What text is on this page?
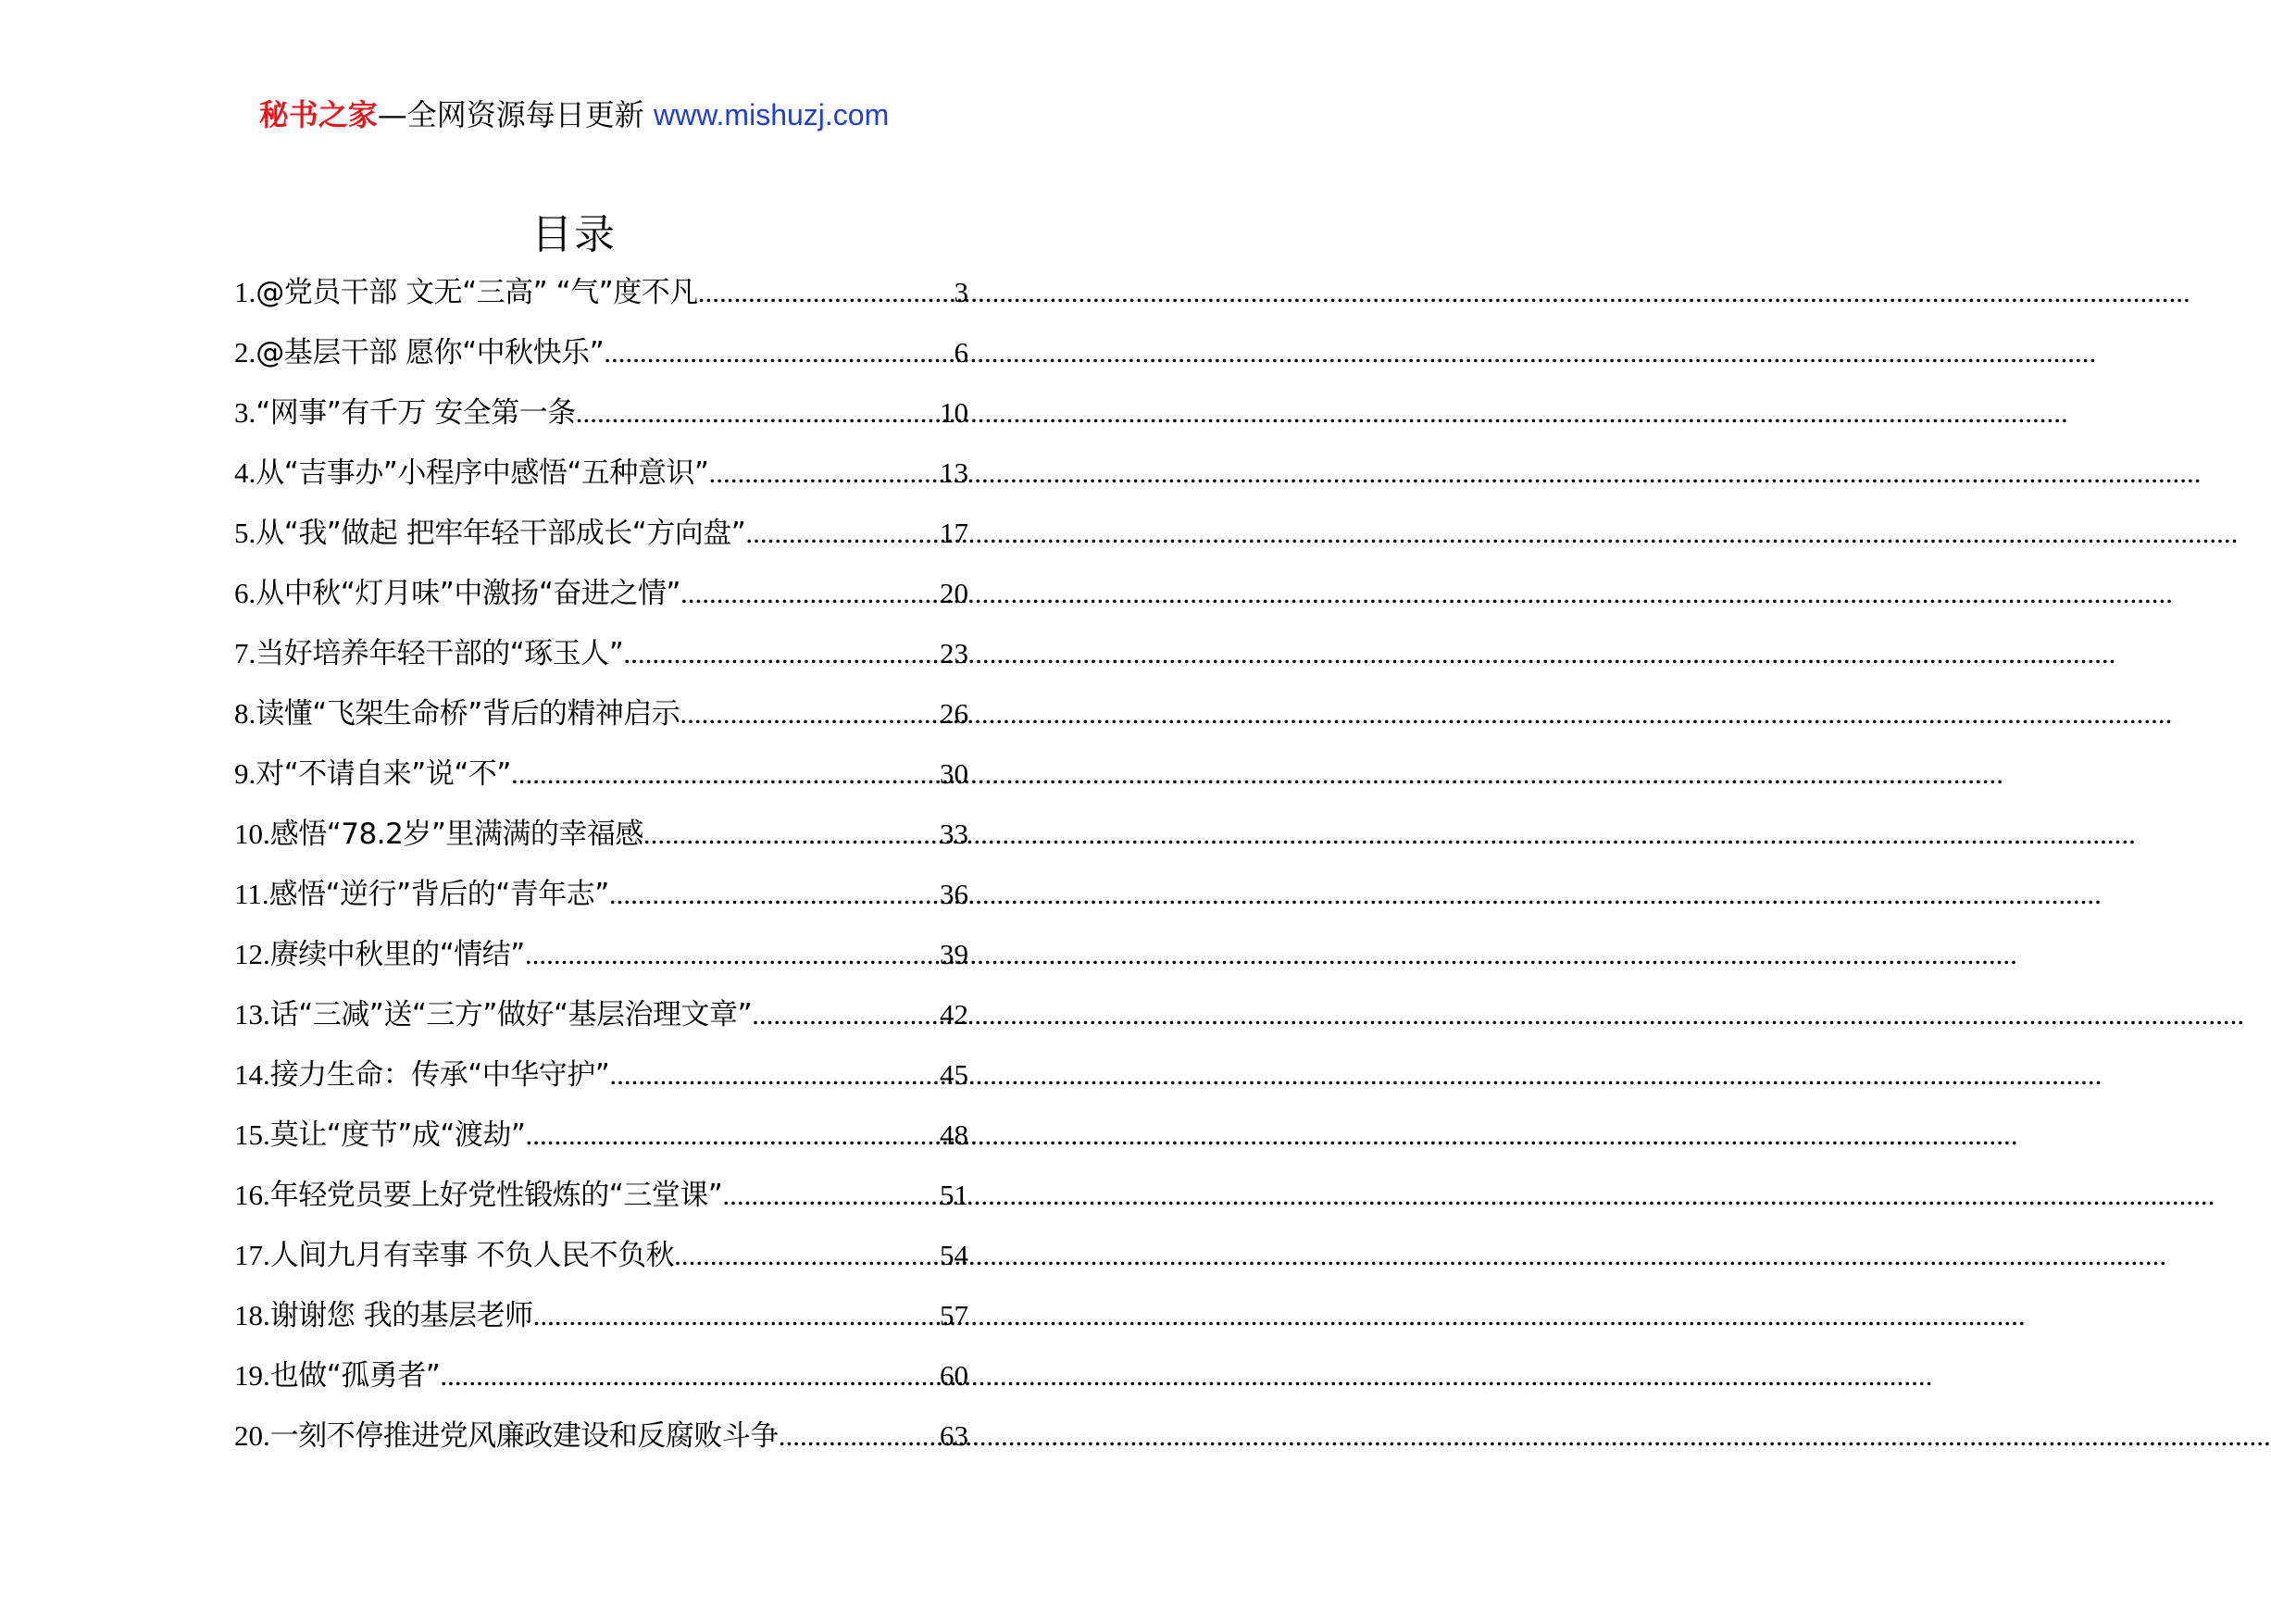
秘书之家—全网资源每日更新 www.mishuzj.com
目录
1. @党员干部 文无“三高” “气”度不凡 .....	3
2. @基层干部 愿你“中秋快乐” .....	6
3. “网事”有千万 安全第一条 .....	10
4. 从“吉事办”小程序中感悟“五种意识” .....	13
5. 从“我”做起 把牢年轻干部成长“方向盘” .....	17
6. 从中秋“灯月味”中激扬“奋进之情” .....	20
7. 当好培养年轻干部的“琢玉人” .....	23
8. 读懂“飞架生命桥”背后的精神启示 .....	26
9. 对“不请自来”说“不” .....	30
10. 感悟“78.2岁”里满满的幸福感 .....	33
11. 感悟“逆行”背后的“青年志” .....	36
12. 赓续中秋里的“情结” .....	39
13. 话“三减”送“三方”做好“基层治理文章” .....	42
14. 接力生命：传承“中华守护” .....	45
15. 莫让“度节”成“渡劫” .....	48
16. 年轻党员要上好党性锻炼的“三堂课” .....	51
17. 人间九月有幸事 不负人民不负秋 .....	54
18. 谢谢您 我的基层老师 .....	57
19. 也做“孤勇者” .....	60
20. 一刻不停推进党风廉政建设和反腐败斗争 .....	63
